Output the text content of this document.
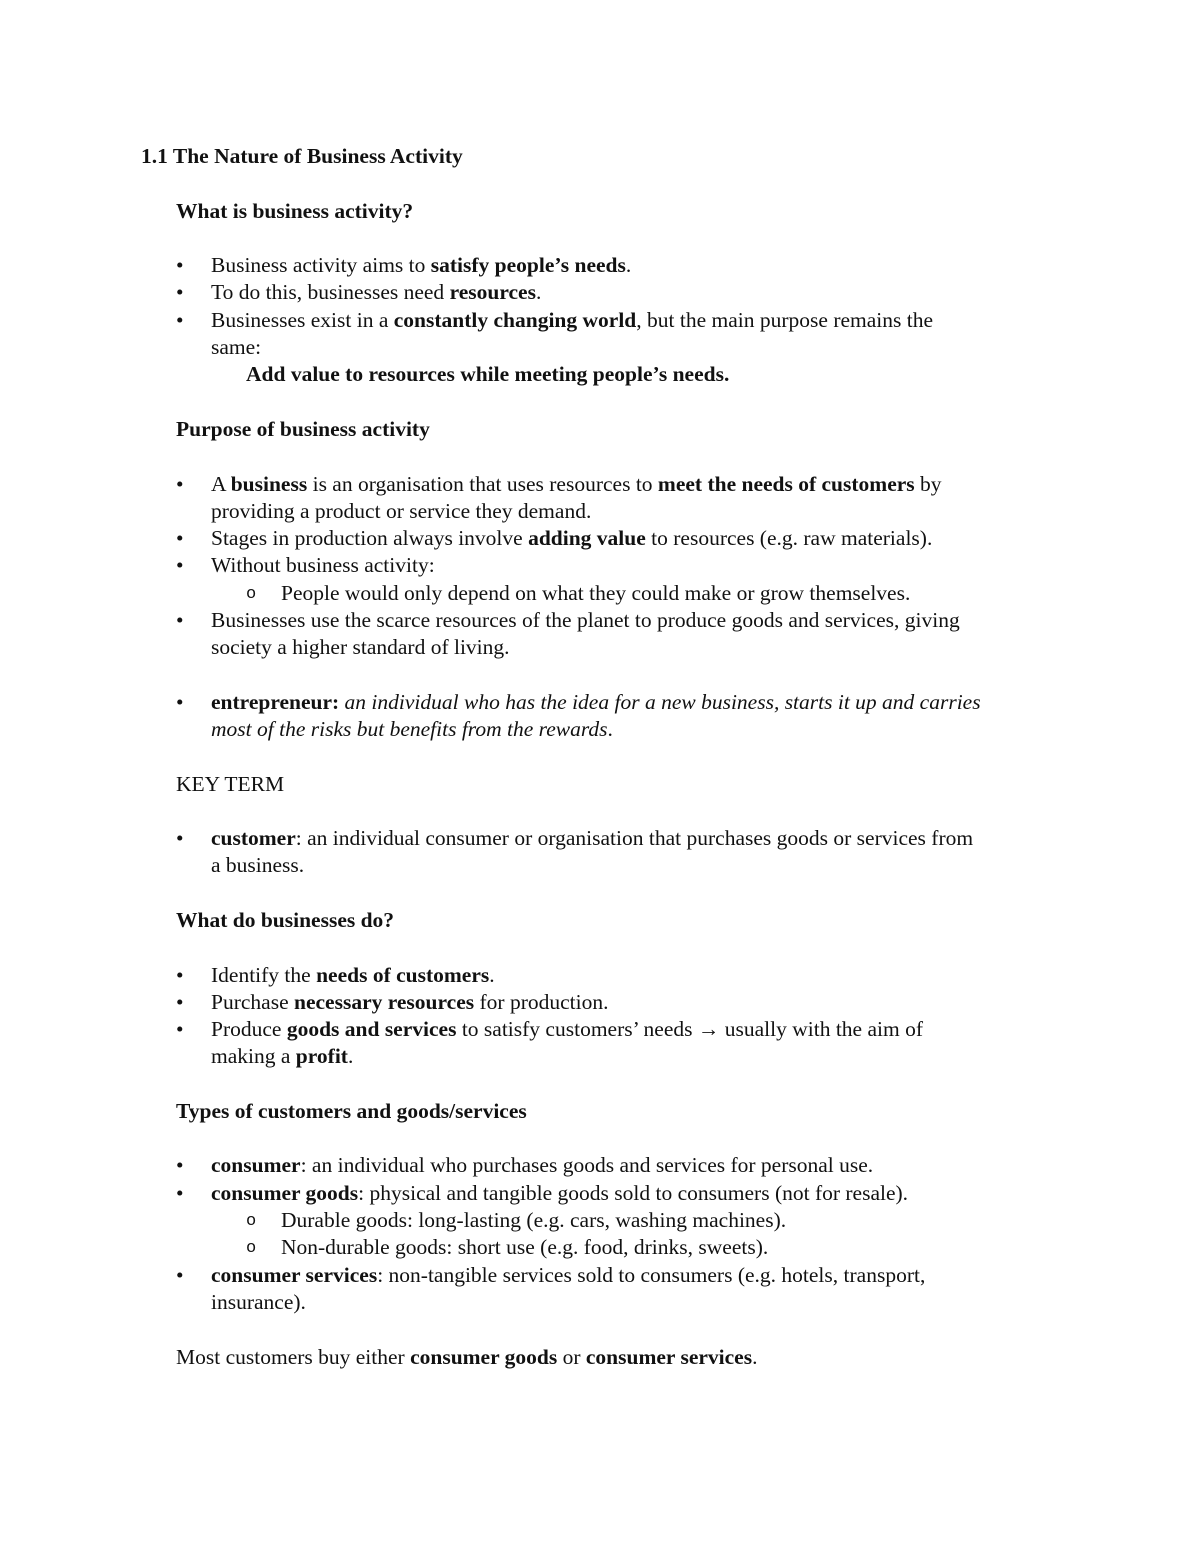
1.1 The Nature of Business Activity
What is business activity?
•	Business activity aims to satisfy people’s needs.
•	To do this, businesses need resources.
•	Businesses exist in a constantly changing world, but the main purpose remains the
same:
Add value to resources while meeting people’s needs.
Purpose of business activity
•	A business is an organisation that uses resources to meet the needs of customers by
providing a product or service they demand.
•	Stages in production always involve adding value to resources (e.g. raw materials).
•	Without business activity:
o People would only depend on what they could make or grow themselves.
•	Businesses use the scarce resources of the planet to produce goods and services, giving
society a higher standard of living.
•	entrepreneur: an individual who has the idea for a new business, starts it up and carries
most of the risks but benefits from the rewards.
KEY TERM
•	customer: an individual consumer or organisation that purchases goods or services from
a business.
What do businesses do?
•	Identify the needs of customers.
•	Purchase necessary resources for production.
•	Produce goods and services to satisfy customers’ needs → usually with the aim of
making a profit.
Types of customers and goods/services
•	consumer: an individual who purchases goods and services for personal use.
•	consumer goods: physical and tangible goods sold to consumers (not for resale).
o Durable goods: long-lasting (e.g. cars, washing machines).
o Non-durable goods: short use (e.g. food, drinks, sweets).
•	consumer services: non-tangible services sold to consumers (e.g. hotels, transport,
insurance).
Most customers buy either consumer goods or consumer services.
